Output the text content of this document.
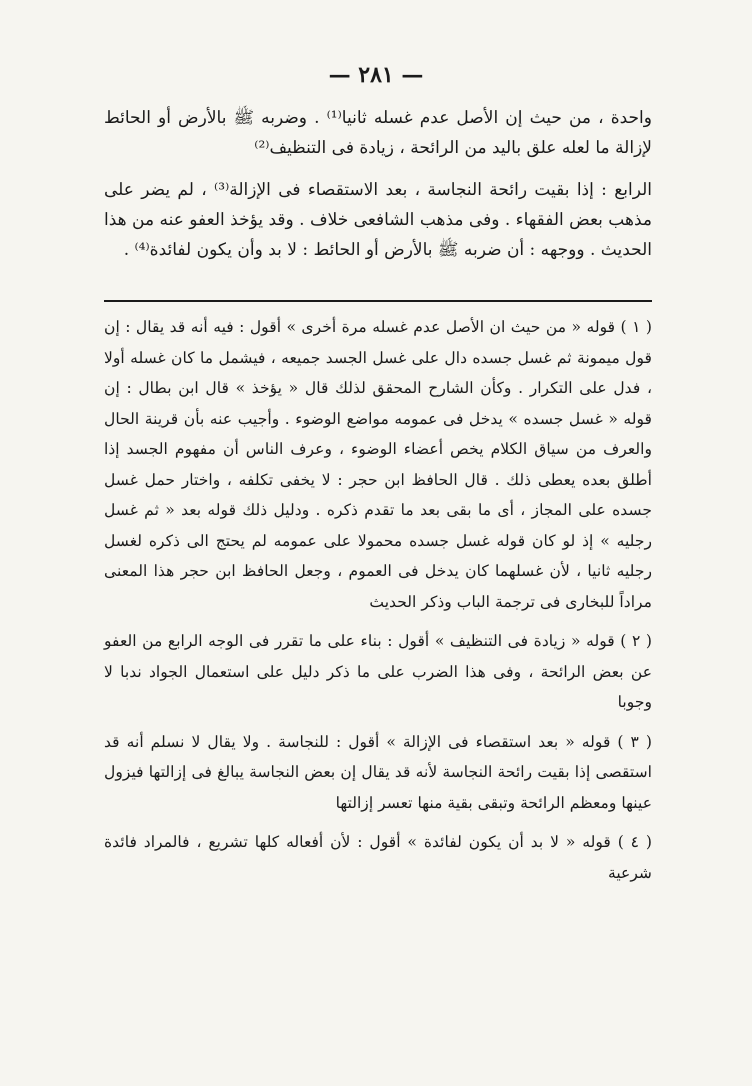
— ٢٨١ —

واحدة ، من حيث إن الأصل عدم غسله ثانيا⁽¹⁾ . وضربه ﷺ بالأرض أو الحائط لإزالة ما لعله علق باليد من الرائحة ، زيادة فى التنظيف⁽²⁾

الرابع : إذا بقيت رائحة النجاسة ، بعد الاستقصاء فى الإزالة⁽³⁾ ، لم يضر على مذهب بعض الفقهاء . وفى مذهب الشافعى خلاف . وقد يؤخذ العفو عنه من هذا الحديث . ووجهه : أن ضربه ﷺ بالأرض أو الحائط : لا بد وأن يكون لفائدة⁽⁴⁾ .

( ١ ) قوله « من حيث ان الأصل عدم غسله مرة أخرى » أقول : فيه أنه قد يقال : إن قول ميمونة ثم غسل جسده دال على غسل الجسد جميعه ، فيشمل ما كان غسله أولا ، فدل على التكرار . وكأن الشارح المحقق لذلك قال « يؤخذ » قال ابن بطال : إن قوله « غسل جسده » يدخل فى عمومه مواضع الوضوء . وأجيب عنه بأن قرينة الحال والعرف من سياق الكلام يخص أعضاء الوضوء ، وعرف الناس أن مفهوم الجسد إذا أطلق بعده يعطى ذلك . قال الحافظ ابن حجر : لا يخفى تكلفه ، واختار حمل غسل جسده على المجاز ، أى ما بقى بعد ما تقدم ذكره . ودليل ذلك قوله بعد « ثم غسل رجليه » إذ لو كان قوله غسل جسده محمولا على عمومه لم يحتج الى ذكره لغسل رجليه ثانيا ، لأن غسلهما كان يدخل فى العموم ، وجعل الحافظ ابن حجر هذا المعنى مراداً للبخارى فى ترجمة الباب وذكر الحديث

( ٢ ) قوله « زيادة فى التنظيف » أقول : بناء على ما تقرر فى الوجه الرابع من العفو عن بعض الرائحة ، وفى هذا الضرب على ما ذكر دليل على استعمال الجواد ندبا لا وجوبا

( ٣ ) قوله « بعد استقصاء فى الإزالة » أقول : للنجاسة . ولا يقال لا نسلم أنه قد استقصى إذا بقيت رائحة النجاسة لأنه قد يقال إن بعض النجاسة يبالغ فى إزالتها فيزول عينها ومعظم الرائحة وتبقى بقية منها تعسر إزالتها

( ٤ ) قوله « لا بد أن يكون لفائدة » أقول : لأن أفعاله كلها تشريع ، فالمراد فائدة شرعية
